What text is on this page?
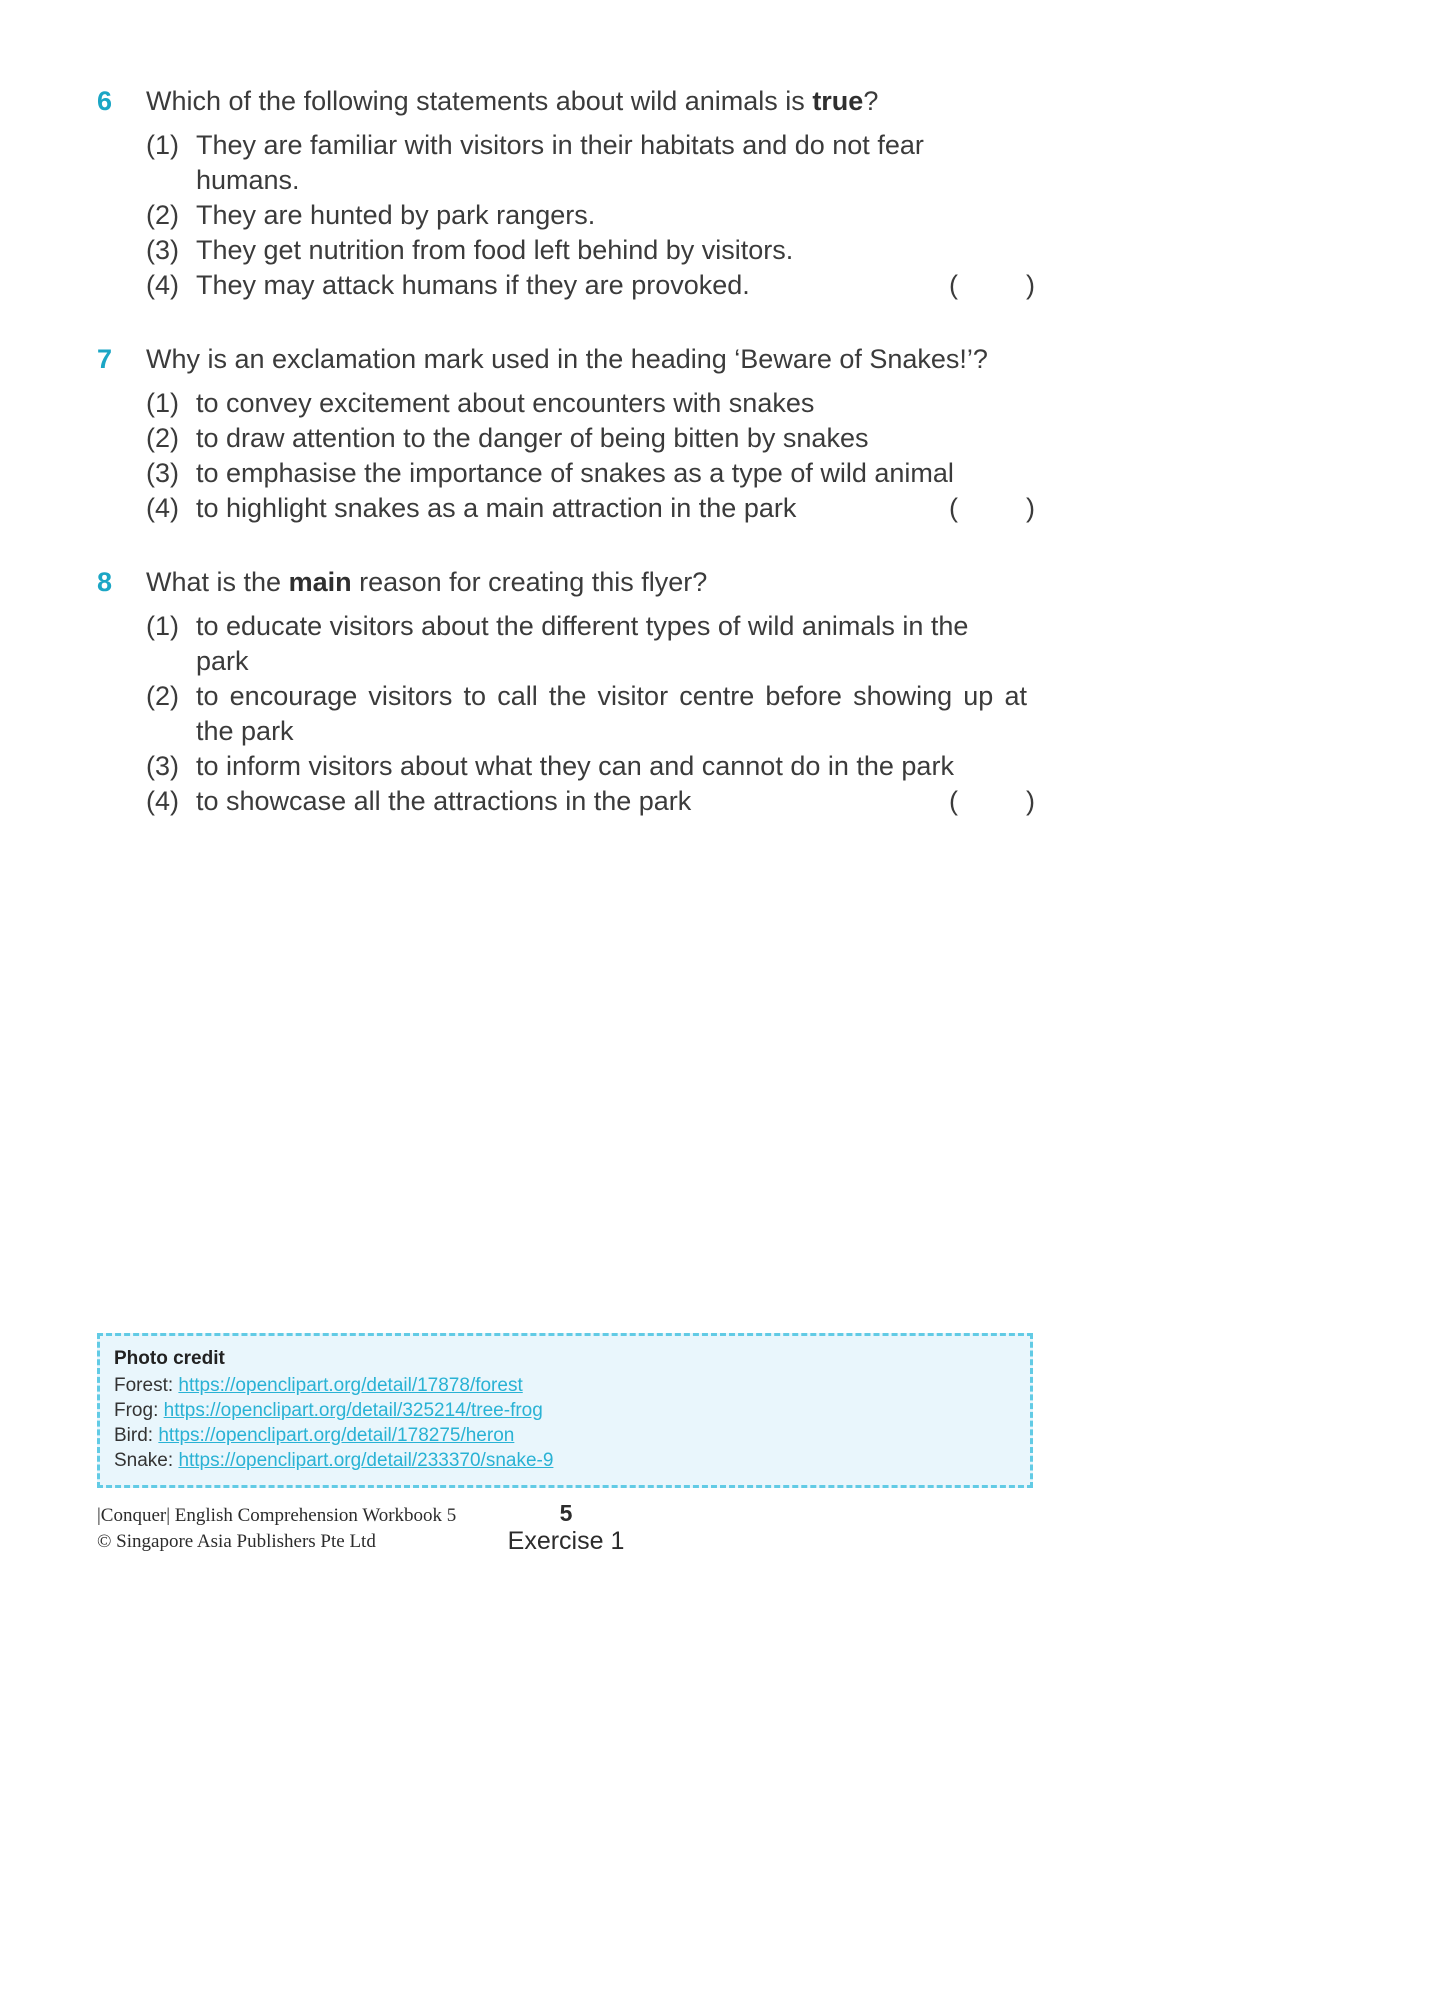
6	Which of the following statements about wild animals is true?
(1) They are familiar with visitors in their habitats and do not fear humans.
(2) They are hunted by park rangers.
(3) They get nutrition from food left behind by visitors.
(4) They may attack humans if they are provoked.	(	)
7	Why is an exclamation mark used in the heading ‘Beware of Snakes!’?
(1) to convey excitement about encounters with snakes
(2) to draw attention to the danger of being bitten by snakes
(3) to emphasise the importance of snakes as a type of wild animal
(4) to highlight snakes as a main attraction in the park	(	)
8	What is the main reason for creating this flyer?
(1) to educate visitors about the different types of wild animals in the park
(2) to encourage visitors to call the visitor centre before showing up at the park
(3) to inform visitors about what they can and cannot do in the park
(4) to showcase all the attractions in the park	(	)
Photo credit
Forest: https://openclipart.org/detail/17878/forest
Frog: https://openclipart.org/detail/325214/tree-frog
Bird: https://openclipart.org/detail/178275/heron
Snake: https://openclipart.org/detail/233370/snake-9
5
Exercise 1
|Conquer| English Comprehension Workbook 5
© Singapore Asia Publishers Pte Ltd
